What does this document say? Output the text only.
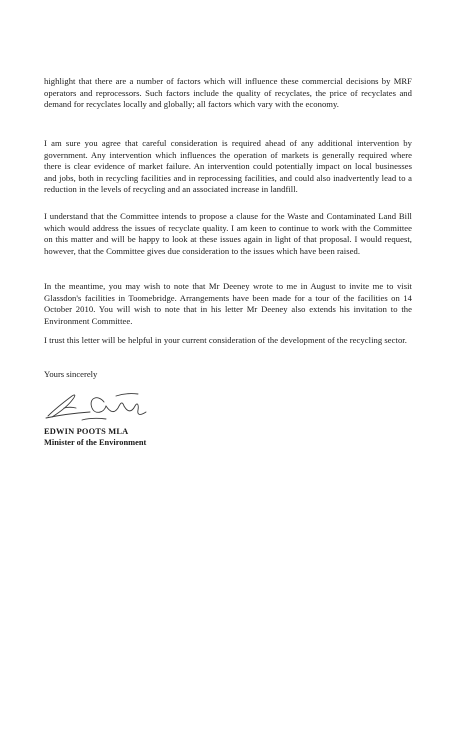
highlight that there are a number of factors which will influence these commercial decisions by MRF operators and reprocessors. Such factors include the quality of recyclates, the price of recyclates and demand for recyclates locally and globally; all factors which vary with the economy.

I am sure you agree that careful consideration is required ahead of any additional intervention by government. Any intervention which influences the operation of markets is generally required where there is clear evidence of market failure. An intervention could potentially impact on local businesses and jobs, both in recycling facilities and in reprocessing facilities, and could also inadvertently lead to a reduction in the levels of recycling and an associated increase in landfill.

I understand that the Committee intends to propose a clause for the Waste and Contaminated Land Bill which would address the issues of recyclate quality. I am keen to continue to work with the Committee on this matter and will be happy to look at these issues again in light of that proposal. I would request, however, that the Committee gives due consideration to the issues which have been raised.

In the meantime, you may wish to note that Mr Deeney wrote to me in August to invite me to visit Glassdon's facilities in Toomebridge. Arrangements have been made for a tour of the facilities on 14 October 2010. You will wish to note that in his letter Mr Deeney also extends his invitation to the Environment Committee.

I trust this letter will be helpful in your current consideration of the development of the recycling sector.

Yours sincerely

EDWIN POOTS MLA

Minister of the Environment
